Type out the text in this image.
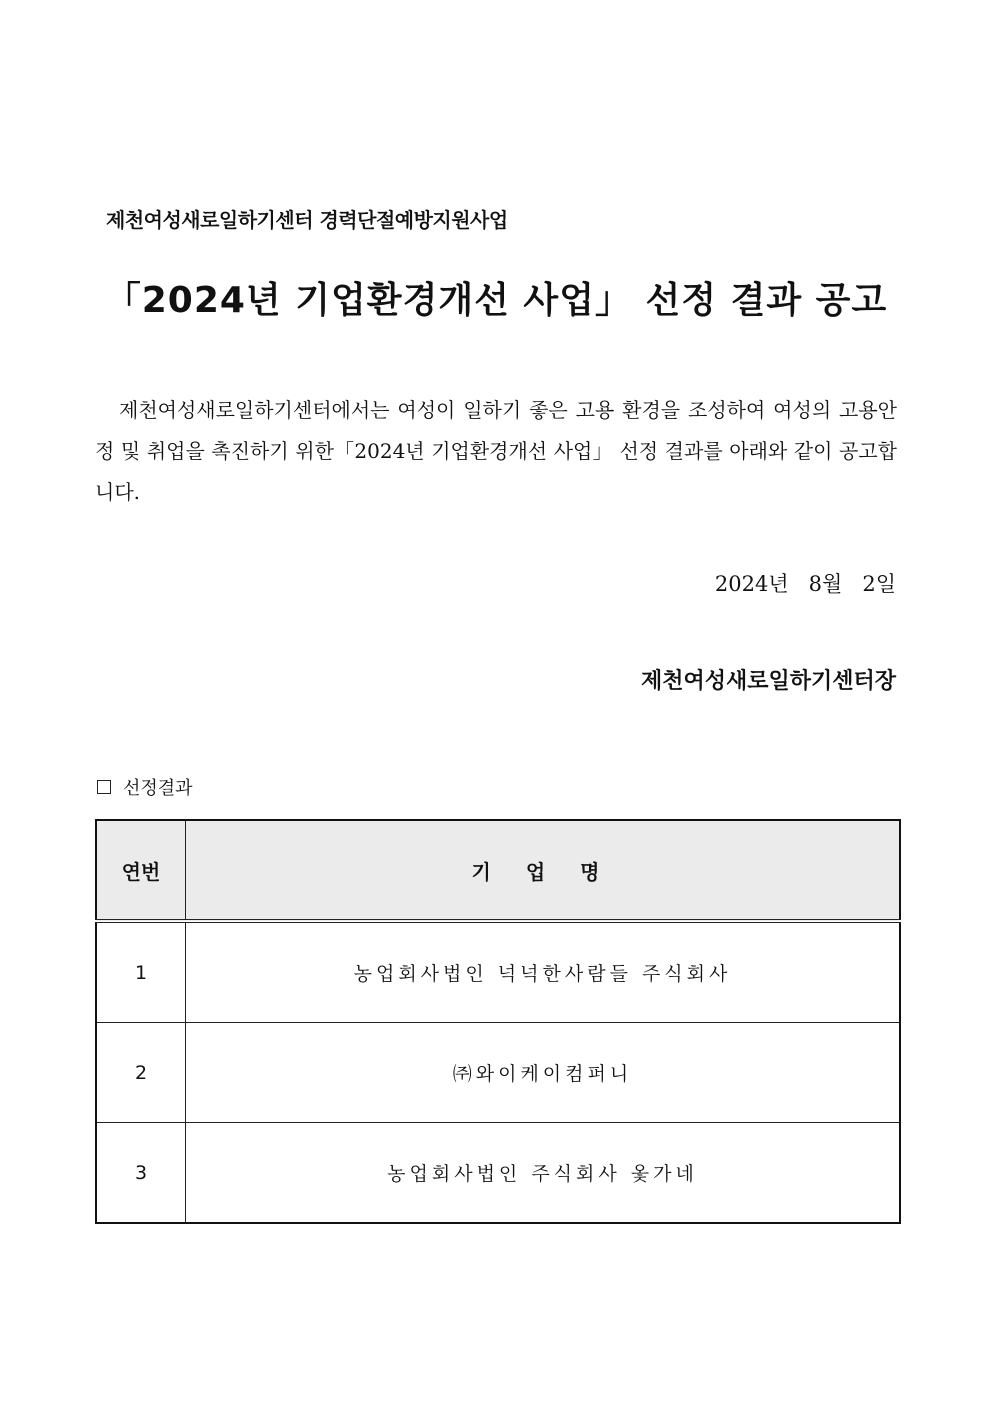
제천여성새로일하기센터 경력단절예방지원사업
「2024년 기업환경개선 사업」 선정 결과 공고
제천여성새로일하기센터에서는 여성이 일하기 좋은 고용 환경을 조성하여 여성의 고용안정 및 취업을 촉진하기 위한「2024년 기업환경개선 사업」 선정 결과를 아래와 같이 공고합니다.
2024년   8월   2일
제천여성새로일하기센터장
선정결과
연번	기 업 명
1	농업회사법인 넉넉한사람들 주식회사
2	㈜와이케이컴퍼니
3	농업회사법인 주식회사 옻가네
